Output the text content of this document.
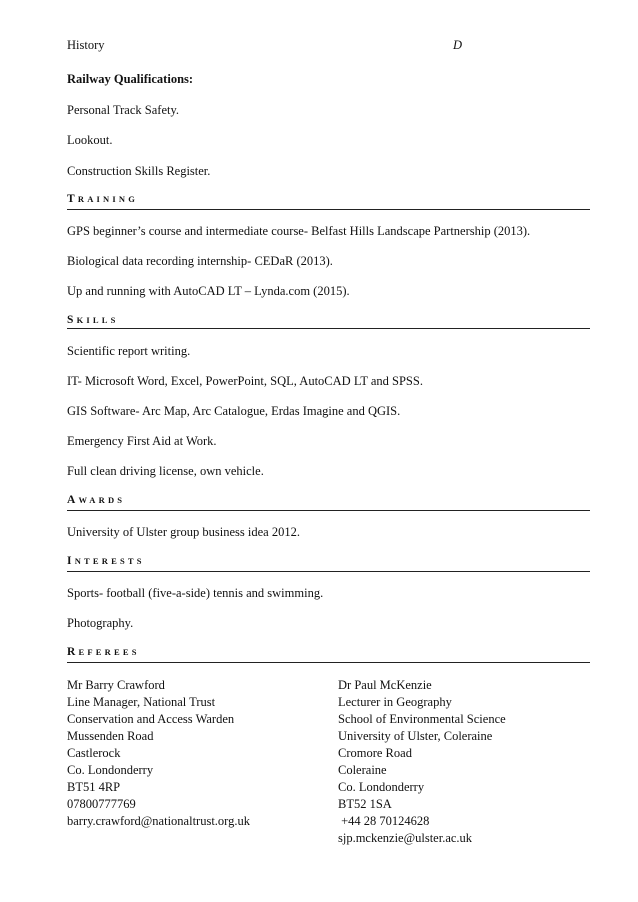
History	D
Railway Qualifications:
Personal Track Safety.
Lookout.
Construction Skills Register.
TRAINING
GPS beginner’s course and intermediate course- Belfast Hills Landscape Partnership (2013).
Biological data recording internship- CEDaR (2013).
Up and running with AutoCAD LT – Lynda.com (2015).
SKILLS
Scientific report writing.
IT- Microsoft Word, Excel, PowerPoint, SQL, AutoCAD LT and SPSS.
GIS Software- Arc Map, Arc Catalogue, Erdas Imagine and QGIS.
Emergency First Aid at Work.
Full clean driving license, own vehicle.
AWARDS
University of Ulster group business idea 2012.
INTERESTS
Sports- football (five-a-side) tennis and swimming.
Photography.
REFEREES
Mr Barry Crawford
Line Manager, National Trust
Conservation and Access Warden
Mussenden Road
Castlerock
Co. Londonderry
BT51 4RP
07800777769
barry.crawford@nationaltrust.org.uk
Dr Paul McKenzie
Lecturer in Geography
School of Environmental Science
University of Ulster, Coleraine
Cromore Road
Coleraine
Co. Londonderry
BT52 1SA
+44 28 70124628
sjp.mckenzie@ulster.ac.uk
